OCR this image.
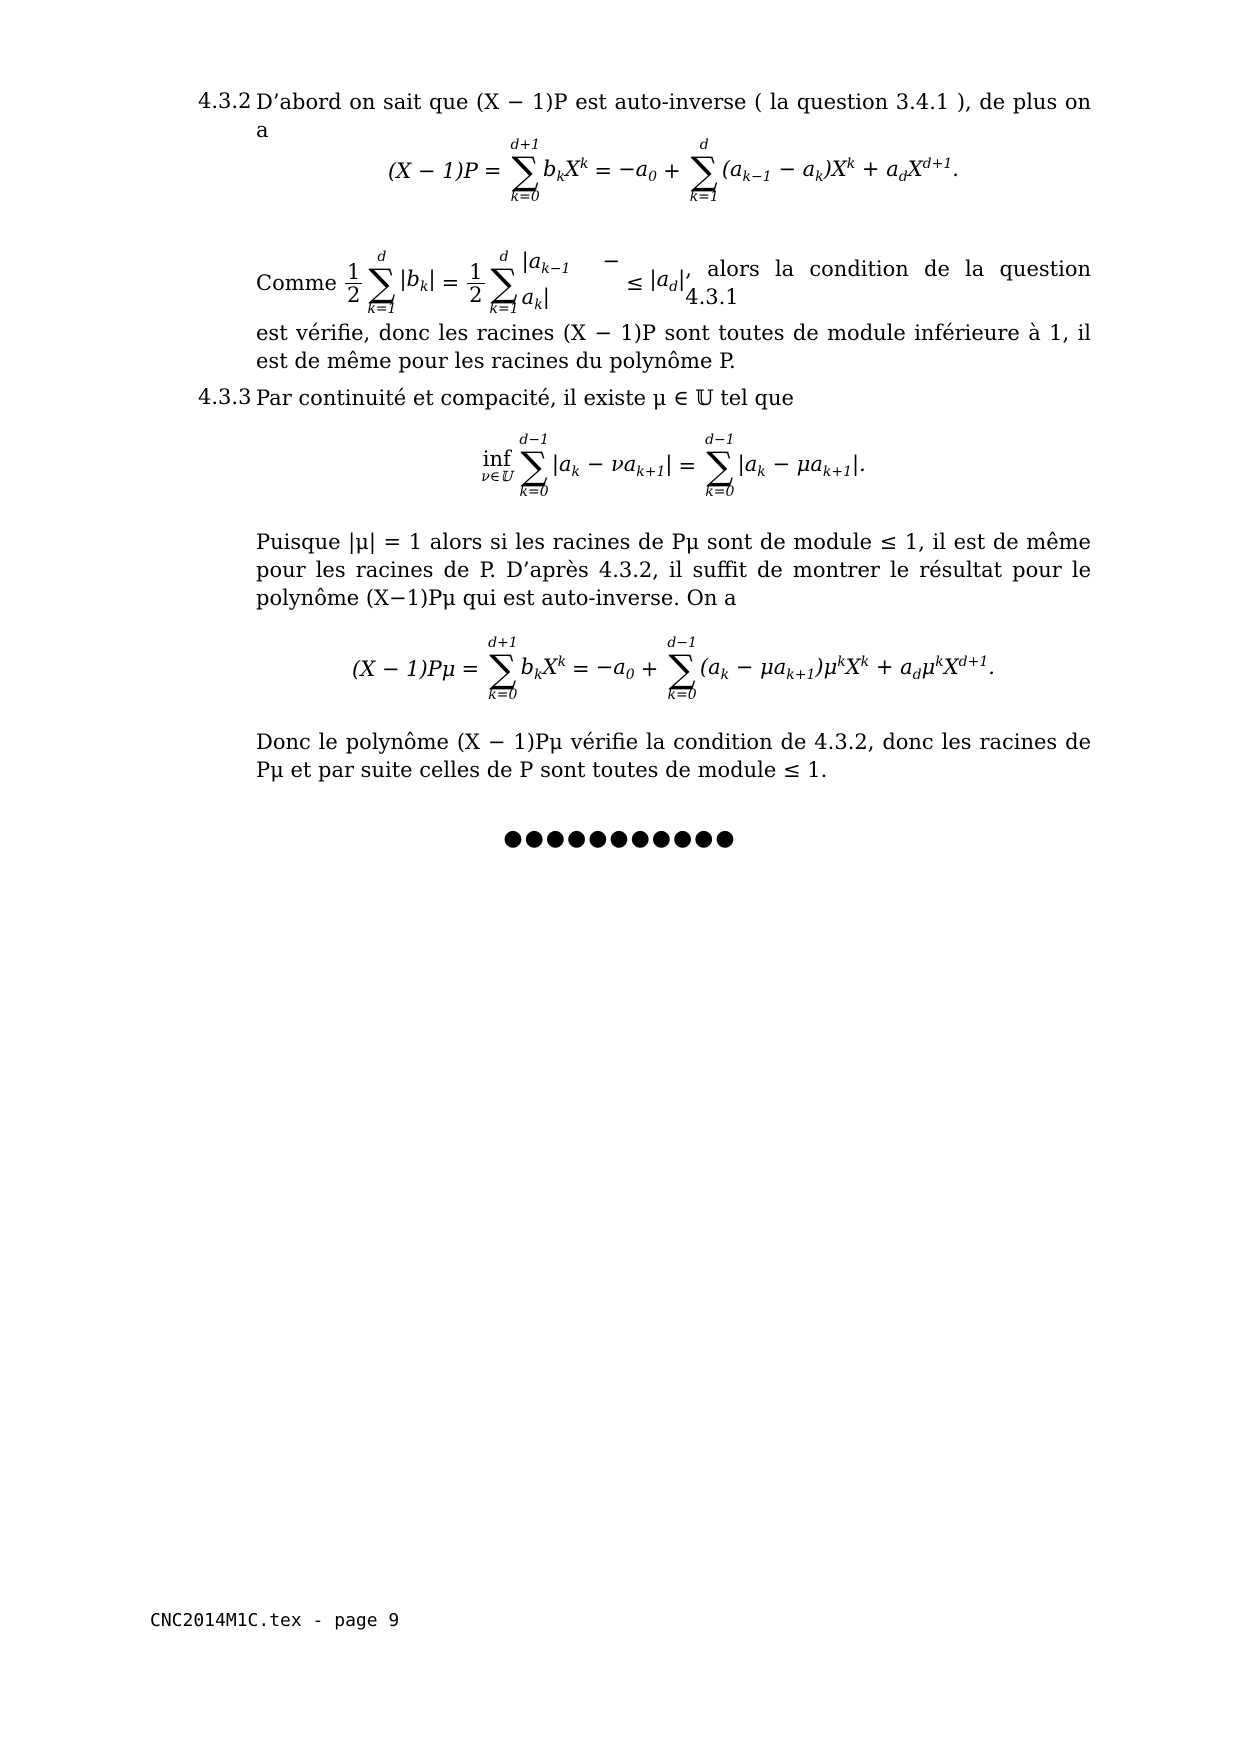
4.3.2 D’abord on sait que (X − 1)P est auto-inverse ( la question 3.4.1 ), de plus on a
(X − 1)P =
d+1
∑
k=0
$b_kX^k = -a_0$ +
d
∑
k=1
$(a_{k-1} - a_k)X^k + a_dX^{d+1}$.
Comme $\frac{1}{2}$
d
∑
k=1
$|b_k| = \frac{1}{2}$
d
∑
k=1
$|a_{k-1} - a_k|$
≤ $|a_d|$ , alors la condition de la question 4.3.1
est vérifie, donc les racines (X − 1)P sont toutes de module inférieure à 1, il est de même pour les racines du polynôme P.
4.3.3 Par continuité et compacité, il existe μ ∈ 𝕌 tel que
inf
ν∈𝕌
d−1
∑
k=0
$|a_k - \nu a_{k+1}|$ =
d−1
∑
k=0
$|a_k - \mu a_{k+1}|$.
Puisque |μ| = 1 alors si les racines de Pμ sont de module ≤ 1, il est de même pour les racines de P. D’après 4.3.2, il suffit de montrer le résultat pour le polynôme (X−1)Pμ qui est auto-inverse. On a
(X − 1)Pμ =
d+1
∑
k=0
$b_kX^k = -a_0$ +
d−1
∑
k=0
$(a_k - \mu a_{k+1})\mu^kX^k + a_d\mu^kX^{d+1}$.
Donc le polynôme (X − 1)Pμ vérifie la condition de 4.3.2, donc les racines de Pμ et par suite celles de P sont toutes de module ≤ 1.
●●●●●●●●●●●
CNC2014M1C.tex - page 9
